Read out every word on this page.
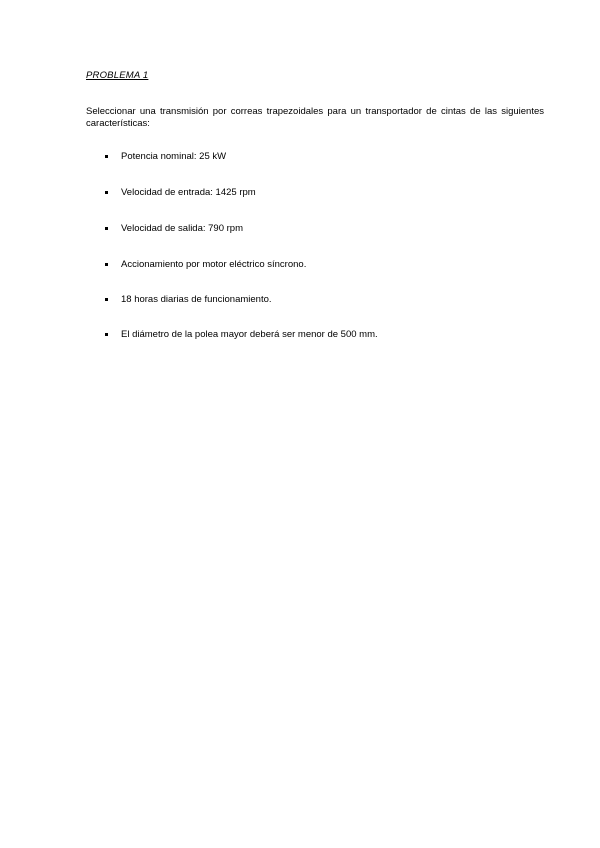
PROBLEMA 1
Seleccionar una transmisión por correas trapezoidales para un transportador de cintas de las siguientes características:
Potencia nominal: 25 kW
Velocidad de entrada: 1425 rpm
Velocidad de salida: 790 rpm
Accionamiento por motor eléctrico síncrono.
18 horas diarias de funcionamiento.
El diámetro de la polea mayor deberá ser menor de 500 mm.
